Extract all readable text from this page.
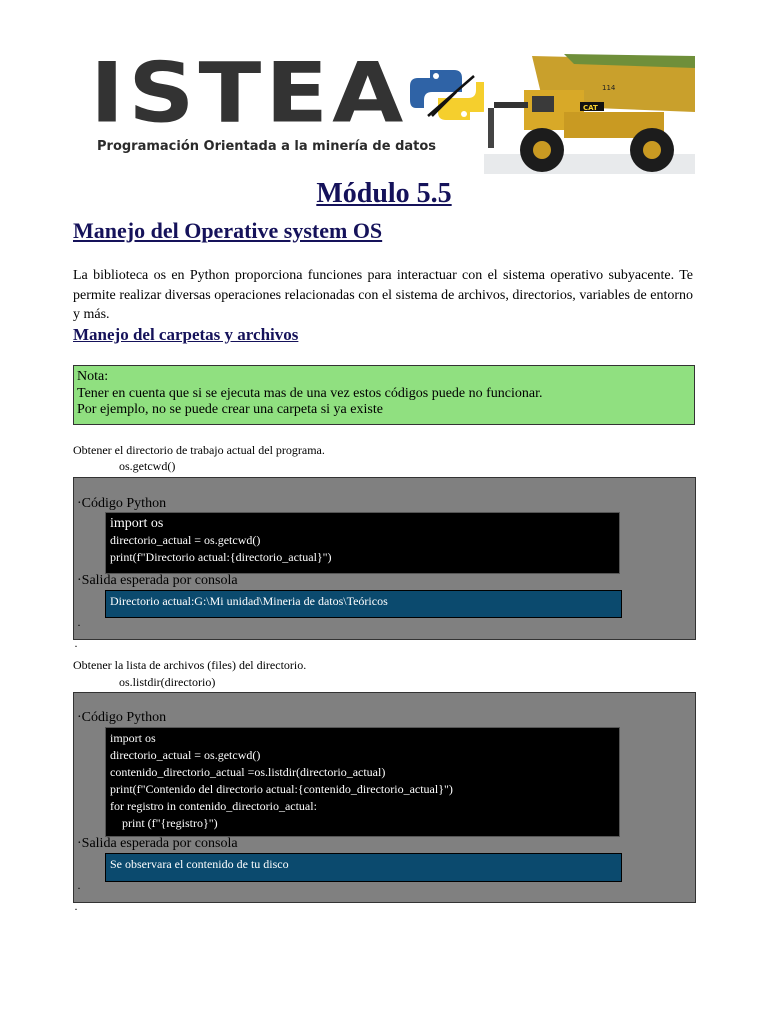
ISTEA
Programación Orientada a la minería de datos
CAT
114
Módulo 5.5
Manejo del Operative system OS
La biblioteca os en Python proporciona funciones para interactuar con el sistema operativo subyacente. Te permite realizar diversas operaciones relacionadas con el sistema de archivos, directorios, variables de entorno y más.
Manejo del carpetas y archivos
Nota:
Tener en cuenta que si se ejecuta mas de una vez estos códigos puede no funcionar.
Por ejemplo, no se puede crear una carpeta si ya existe
Obtener el directorio de trabajo actual del programa.
os.getcwd()
·Código Python
import os
directorio_actual = os.getcwd()
print(f"Directorio actual:{directorio_actual}")
·Salida esperada por consola
Directorio actual:G:\Mi unidad\Mineria de datos\Teóricos
·
·
Obtener la lista de archivos (files) del directorio.
os.listdir(directorio)
·Código Python
import os
directorio_actual = os.getcwd()
contenido_directorio_actual =os.listdir(directorio_actual)
print(f"Contenido del directorio actual:{contenido_directorio_actual}")
for registro in contenido_directorio_actual:
print (f"{registro}")
·Salida esperada por consola
Se observara el contenido de tu disco
·
·
